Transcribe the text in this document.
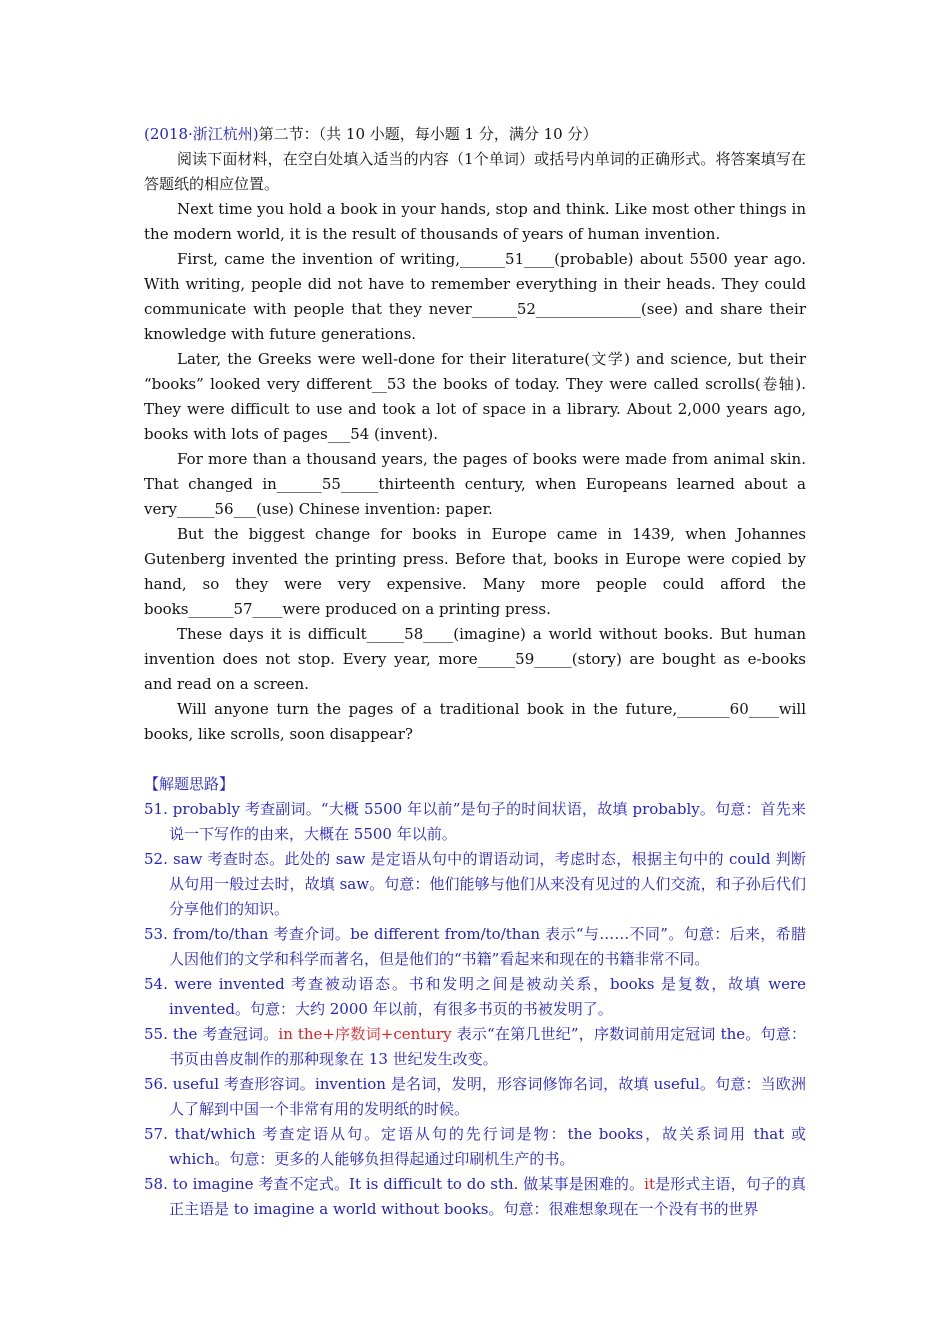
(2018·浙江杭州)第二节：（共 10 小题，每小题 1 分，满分 10 分）

阅读下面材料，在空白处填入适当的内容（1个单词）或括号内单词的正确形式。将答案填写在答题纸的相应位置。

Next time you hold a book in your hands, stop and think. Like most other things in the modern world, it is the result of thousands of years of human invention.

First, came the invention of writing,______51____(probable) about 5500 year ago. With writing, people did not have to remember everything in their heads. They could communicate with people that they never______52______________(see) and share their knowledge with future generations.

Later, the Greeks were well-done for their literature(文学) and science, but their “books” looked very different__53 the books of today. They were called scrolls(卷轴). They were difficult to use and took a lot of space in a library. About 2,000 years ago, books with lots of pages___54 (invent).

For more than a thousand years, the pages of books were made from animal skin. That changed in______55_____thirteenth century, when Europeans learned about a very_____56___(use) Chinese invention: paper.

But the biggest change for books in Europe came in 1439, when Johannes Gutenberg invented the printing press. Before that, books in Europe were copied by hand, so they were very expensive. Many more people could afford the books______57____were produced on a printing press.

These days it is difficult_____58____(imagine) a world without books. But human invention does not stop. Every year, more_____59_____(story) are bought as e-books and read on a screen.

Will anyone turn the pages of a traditional book in the future,_______60____will books, like scrolls, soon disappear?

【解题思路】

51. probably 考查副词。“大概 5500 年以前”是句子的时间状语，故填 probably。句意：首先来说一下写作的由来，大概在 5500 年以前。

52. saw 考查时态。此处的 saw 是定语从句中的谓语动词，考虑时态，根据主句中的 could 判断从句用一般过去时，故填 saw。句意：他们能够与他们从来没有见过的人们交流，和子孙后代们分享他们的知识。

53. from/to/than 考查介词。be different from/to/than 表示“与……不同”。句意：后来，希腊人因他们的文学和科学而著名，但是他们的“书籍”看起来和现在的书籍非常不同。

54. were invented 考查被动语态。书和发明之间是被动关系，books 是复数，故填 were invented。句意：大约 2000 年以前，有很多书页的书被发明了。

55. the 考查冠词。in the+序数词+century 表示“在第几世纪”，序数词前用定冠词 the。句意：书页由兽皮制作的那种现象在 13 世纪发生改变。

56. useful 考查形容词。invention 是名词，发明，形容词修饰名词，故填 useful。句意：当欧洲人了解到中国一个非常有用的发明纸的时候。

57. that/which 考查定语从句。定语从句的先行词是物：the books，故关系词用 that 或 which。句意：更多的人能够负担得起通过印刷机生产的书。

58. to imagine 考查不定式。It is difficult to do sth. 做某事是困难的。it是形式主语，句子的真正主语是 to imagine a world without books。句意：很难想象现在一个没有书的世界
